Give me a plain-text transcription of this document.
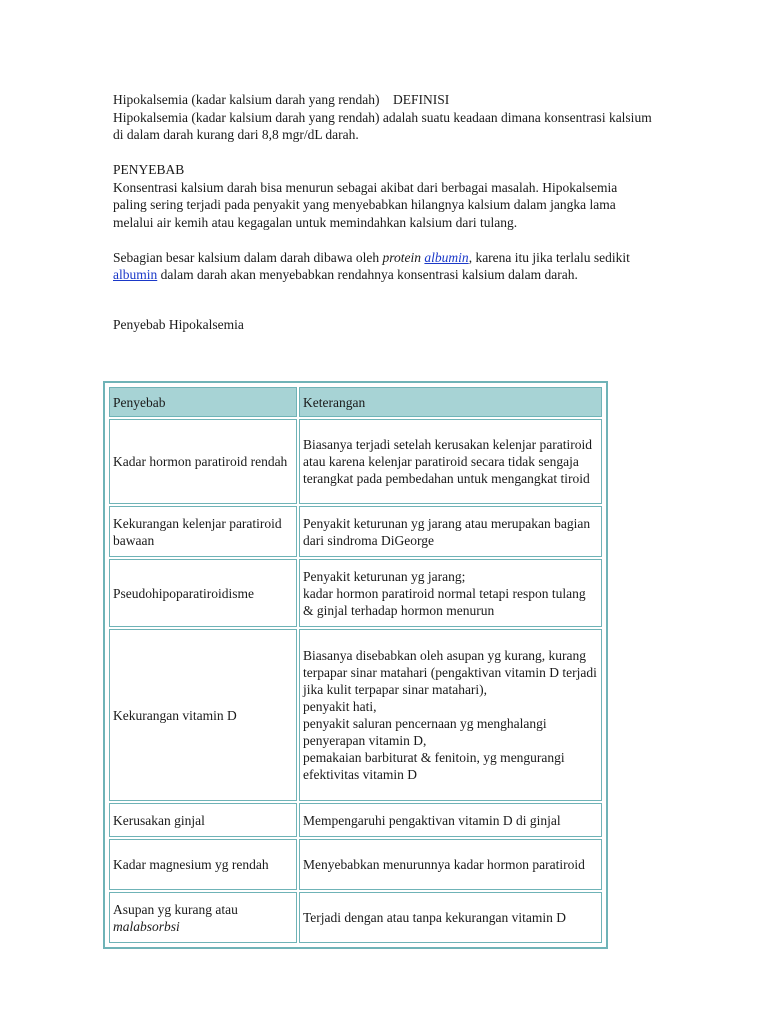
Hipokalsemia (kadar kalsium darah yang rendah)    DEFINISI

Hipokalsemia (kadar kalsium darah yang rendah) adalah suatu keadaan dimana konsentrasi kalsium di dalam darah kurang dari 8,8 mgr/dL darah.

PENYEBAB

Konsentrasi kalsium darah bisa menurun sebagai akibat dari berbagai masalah. Hipokalsemia paling sering terjadi pada penyakit yang menyebabkan hilangnya kalsium dalam jangka lama melalui air kemih atau kegagalan untuk memindahkan kalsium dari tulang.

Sebagian besar kalsium dalam darah dibawa oleh protein albumin, karena itu jika terlalu sedikit albumin dalam darah akan menyebabkan rendahnya konsentrasi kalsium dalam darah.

Penyebab Hipokalsemia

Penyebab	Keterangan
Kadar hormon paratiroid rendah	Biasanya terjadi setelah kerusakan kelenjar paratiroid atau karena kelenjar paratiroid secara tidak sengaja terangkat pada pembedahan untuk mengangkat tiroid
Kekurangan kelenjar paratiroid bawaan	Penyakit keturunan yg jarang atau merupakan bagian dari sindroma DiGeorge
Pseudohipoparatiroidisme	Penyakit keturunan yg jarang;
kadar hormon paratiroid normal tetapi respon tulang & ginjal terhadap hormon menurun
Kekurangan vitamin D	Biasanya disebabkan oleh asupan yg kurang, kurang terpapar sinar matahari (pengaktivan vitamin D terjadi jika kulit terpapar sinar matahari),
penyakit hati,
penyakit saluran pencernaan yg menghalangi penyerapan vitamin D,
pemakaian barbiturat & fenitoin, yg mengurangi efektivitas vitamin D
Kerusakan ginjal	Mempengaruhi pengaktivan vitamin D di ginjal
Kadar magnesium yg rendah	Menyebabkan menurunnya kadar hormon paratiroid
Asupan yg kurang atau
malabsorbsi	Terjadi dengan atau tanpa kekurangan vitamin D
